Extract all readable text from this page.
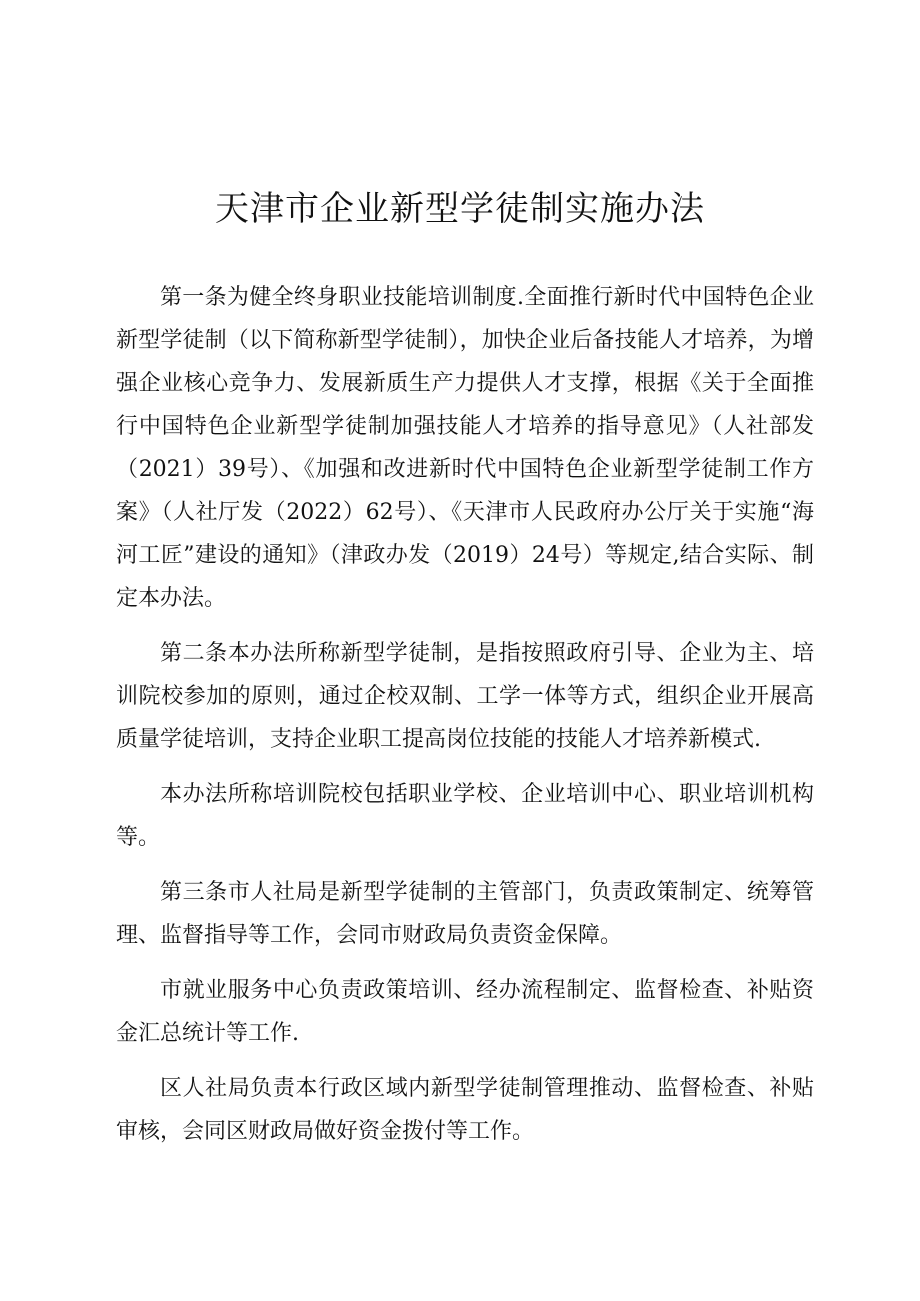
天津市企业新型学徒制实施办法

第一条为健全终身职业技能培训制度.全面推行新时代中国特色企业新型学徒制（以下简称新型学徒制），加快企业后备技能人才培养，为增强企业核心竞争力、发展新质生产力提供人才支撑，根据《关于全面推行中国特色企业新型学徒制加强技能人才培养的指导意见》（人社部发（2021）39号）、《加强和改进新时代中国特色企业新型学徒制工作方案》（人社厅发（2022）62号）、《天津市人民政府办公厅关于实施“海河工匠”建设的通知》（津政办发（2019）24号）等规定,结合实际、制定本办法。

第二条本办法所称新型学徒制，是指按照政府引导、企业为主、培训院校参加的原则，通过企校双制、工学一体等方式，组织企业开展高质量学徒培训，支持企业职工提高岗位技能的技能人才培养新模式.

本办法所称培训院校包括职业学校、企业培训中心、职业培训机构等。

第三条市人社局是新型学徒制的主管部门，负责政策制定、统筹管理、监督指导等工作，会同市财政局负责资金保障。

市就业服务中心负责政策培训、经办流程制定、监督检查、补贴资金汇总统计等工作.

区人社局负责本行政区域内新型学徒制管理推动、监督检查、补贴审核，会同区财政局做好资金拨付等工作。
